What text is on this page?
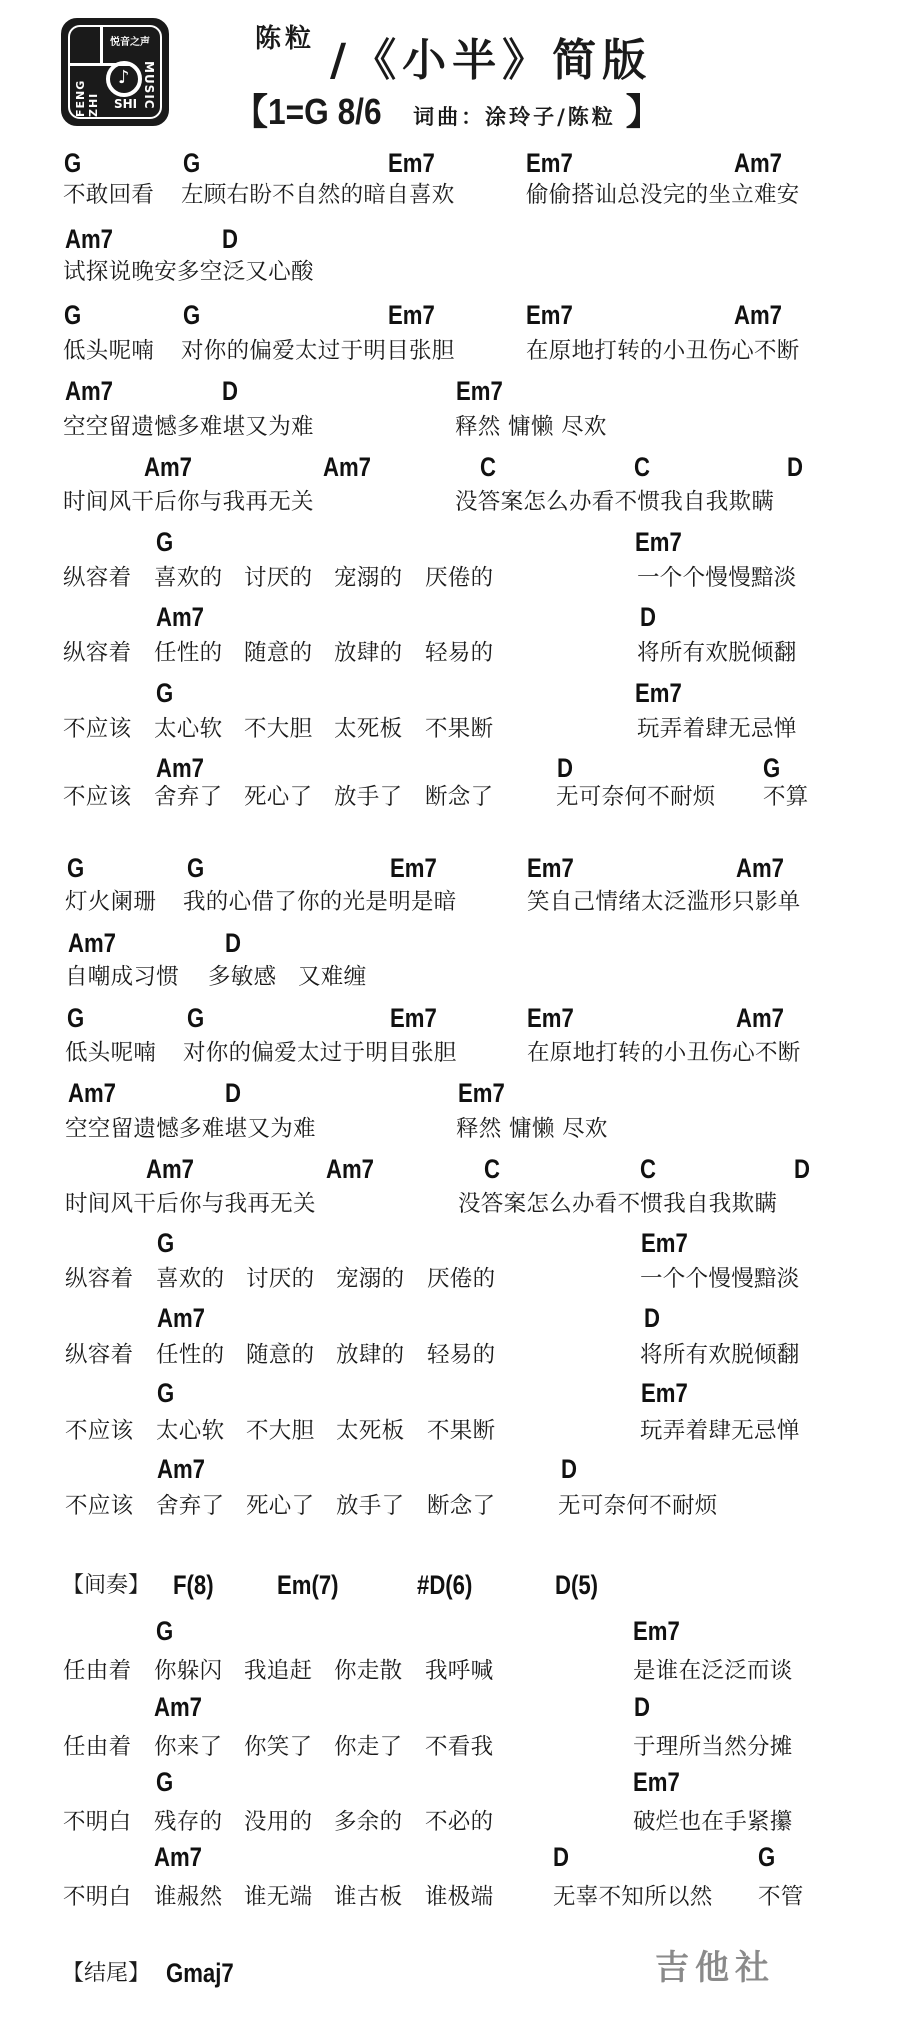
悦音之声
FENG ZHI	MUSIC
SHI
♪
陈粒 /《小半》简版
【 1=G 8/6 词曲：涂玲子/陈粒 】
G	G	Em7	Em7	Am7
不敢回看 左顾右盼不自然的暗自喜欢	偷偷搭讪总没完的坐立难安
Am7	D
试探说晚安多空泛又心酸
G	G	Em7	Em7	Am7
低头呢喃 对你的偏爱太过于明目张胆	在原地打转的小丑伤心不断
Am7	D	Em7
空空留遗憾多难堪又为难	释然 慵懒 尽欢
Am7	Am7	C	C	D
时间风干后你与我再无关	没答案怎么办看不惯我自我欺瞒
G	Em7
纵容着 喜欢的 讨厌的 宠溺的 厌倦的	一个个慢慢黯淡
Am7	D
纵容着 任性的 随意的 放肆的 轻易的	将所有欢脱倾翻
G	Em7
不应该 太心软 不大胆 太死板 不果断	玩弄着肆无忌惮
Am7	D	G
不应该 舍弃了 死心了 放手了 断念了	无可奈何不耐烦 不算
G	G	Em7	Em7	Am7
灯火阑珊 我的心借了你的光是明是暗	笑自己情绪太泛滥形只影单
Am7	D
自嘲成习惯 多敏感 又难缠
G	G	Em7	Em7	Am7
低头呢喃 对你的偏爱太过于明目张胆	在原地打转的小丑伤心不断
Am7	D	Em7
空空留遗憾多难堪又为难	释然 慵懒 尽欢
Am7	Am7	C	C	D
时间风干后你与我再无关	没答案怎么办看不惯我自我欺瞒
G	Em7
纵容着 喜欢的 讨厌的 宠溺的 厌倦的	一个个慢慢黯淡
Am7	D
纵容着 任性的 随意的 放肆的 轻易的	将所有欢脱倾翻
G	Em7
不应该 太心软 不大胆 太死板 不果断	玩弄着肆无忌惮
Am7	D
不应该 舍弃了 死心了 放手了 断念了	无可奈何不耐烦
【间奏】 F(8) Em(7)	#D(6)	D(5)
G	Em7
任由着 你躲闪 我追赶 你走散 我呼喊	是谁在泛泛而谈
Am7	D
任由着 你来了 你笑了 你走了 不看我	于理所当然分摊
G	Em7
不明白 残存的 没用的 多余的 不必的	破烂也在手紧攥
Am7	D	G
不明白 谁赧然 谁无端 谁古板 谁极端	无辜不知所以然 不管
【结尾】 Gmaj7	吉他社
